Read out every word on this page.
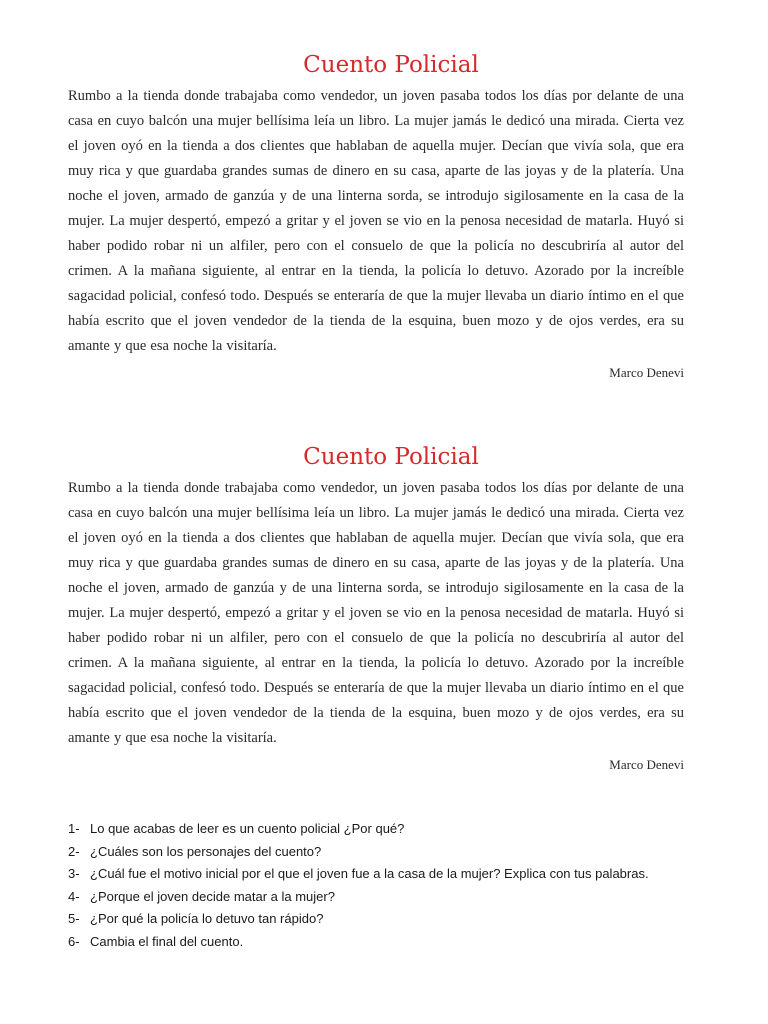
Cuento Policial

Rumbo a la tienda donde trabajaba como vendedor, un joven pasaba todos los días por delante de una casa en cuyo balcón una mujer bellísima leía un libro. La mujer jamás le dedicó una mirada. Cierta vez el joven oyó en la tienda a dos clientes que hablaban de aquella mujer. Decían que vivía sola, que era muy rica y que guardaba grandes sumas de dinero en su casa, aparte de las joyas y de la platería. Una noche el joven, armado de ganzúa y de una linterna sorda, se introdujo sigilosamente en la casa de la mujer. La mujer despertó, empezó a gritar y el joven se vio en la penosa necesidad de matarla. Huyó si haber podido robar ni un alfiler, pero con el consuelo de que la policía no descubriría al autor del crimen. A la mañana siguiente, al entrar en la tienda, la policía lo detuvo. Azorado por la increíble sagacidad policial, confesó todo. Después se enteraría de que la mujer llevaba un diario íntimo en el que había escrito que el joven vendedor de la tienda de la esquina, buen mozo y de ojos verdes, era su amante y que esa noche la visitaría.

Marco Denevi
Cuento Policial

Rumbo a la tienda donde trabajaba como vendedor, un joven pasaba todos los días por delante de una casa en cuyo balcón una mujer bellísima leía un libro. La mujer jamás le dedicó una mirada. Cierta vez el joven oyó en la tienda a dos clientes que hablaban de aquella mujer. Decían que vivía sola, que era muy rica y que guardaba grandes sumas de dinero en su casa, aparte de las joyas y de la platería. Una noche el joven, armado de ganzúa y de una linterna sorda, se introdujo sigilosamente en la casa de la mujer. La mujer despertó, empezó a gritar y el joven se vio en la penosa necesidad de matarla. Huyó si haber podido robar ni un alfiler, pero con el consuelo de que la policía no descubriría al autor del crimen. A la mañana siguiente, al entrar en la tienda, la policía lo detuvo. Azorado por la increíble sagacidad policial, confesó todo. Después se enteraría de que la mujer llevaba un diario íntimo en el que había escrito que el joven vendedor de la tienda de la esquina, buen mozo y de ojos verdes, era su amante y que esa noche la visitaría.

Marco Denevi
1- Lo que acabas de leer es un cuento policial ¿Por qué?
2- ¿Cuáles son los personajes del cuento?
3- ¿Cuál fue el motivo inicial por el que el joven fue a la casa de la mujer? Explica con tus palabras.
4- ¿Porque el joven decide matar a la mujer?
5- ¿Por qué la policía lo detuvo tan rápido?
6- Cambia el final del cuento.
